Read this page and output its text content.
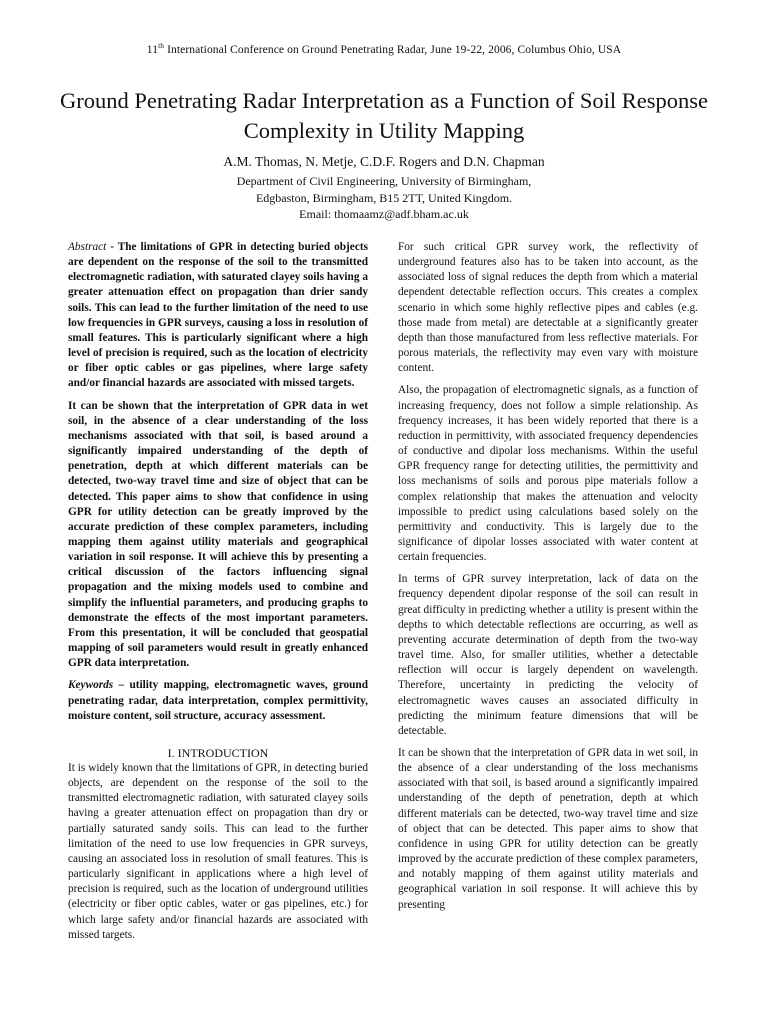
11th International Conference on Ground Penetrating Radar, June 19-22, 2006, Columbus Ohio, USA
Ground Penetrating Radar Interpretation as a Function of Soil Response Complexity in Utility Mapping
A.M. Thomas, N. Metje, C.D.F. Rogers and D.N. Chapman
Department of Civil Engineering, University of Birmingham,
Edgbaston, Birmingham, B15 2TT, United Kingdom.
Email: thomaamz@adf.bham.ac.uk

Abstract - The limitations of GPR in detecting buried objects are dependent on the response of the soil to the transmitted electromagnetic radiation, with saturated clayey soils having a greater attenuation effect on propagation than drier sandy soils. This can lead to the further limitation of the need to use low frequencies in GPR surveys, causing a loss in resolution of small features. This is particularly significant where a high level of precision is required, such as the location of electricity or fiber optic cables or gas pipelines, where large safety and/or financial hazards are associated with missed targets.

It can be shown that the interpretation of GPR data in wet soil, in the absence of a clear understanding of the loss mechanisms associated with that soil, is based around a significantly impaired understanding of the depth of penetration, depth at which different materials can be detected, two-way travel time and size of object that can be detected. This paper aims to show that confidence in using GPR for utility detection can be greatly improved by the accurate prediction of these complex parameters, including mapping them against utility materials and geographical variation in soil response. It will achieve this by presenting a critical discussion of the factors influencing signal propagation and the mixing models used to combine and simplify the influential parameters, and producing graphs to demonstrate the effects of the most important parameters. From this presentation, it will be concluded that geospatial mapping of soil parameters would result in greatly enhanced GPR data interpretation.

Keywords – utility mapping, electromagnetic waves, ground penetrating radar, data interpretation, complex permittivity, moisture content, soil structure, accuracy assessment.

I. INTRODUCTION

It is widely known that the limitations of GPR, in detecting buried objects, are dependent on the response of the soil to the transmitted electromagnetic radiation, with saturated clayey soils having a greater attenuation effect on propagation than dry or partially saturated sandy soils. This can lead to the further limitation of the need to use low frequencies in GPR surveys, causing an associated loss in resolution of small features. This is particularly significant in applications where a high level of precision is required, such as the location of underground utilities (electricity or fiber optic cables, water or gas pipelines, etc.) for which large safety and/or financial hazards are associated with missed targets.

For such critical GPR survey work, the reflectivity of underground features also has to be taken into account, as the associated loss of signal reduces the depth from which a material dependent detectable reflection occurs. This creates a complex scenario in which some highly reflective pipes and cables (e.g. those made from metal) are detectable at a significantly greater depth than those manufactured from less reflective materials. For porous materials, the reflectivity may even vary with moisture content.

Also, the propagation of electromagnetic signals, as a function of increasing frequency, does not follow a simple relationship. As frequency increases, it has been widely reported that there is a reduction in permittivity, with associated frequency dependencies of conductive and dipolar loss mechanisms. Within the useful GPR frequency range for detecting utilities, the permittivity and loss mechanisms of soils and porous pipe materials follow a complex relationship that makes the attenuation and velocity impossible to predict using calculations based solely on the permittivity and conductivity. This is largely due to the significance of dipolar losses associated with water content at certain frequencies.

In terms of GPR survey interpretation, lack of data on the frequency dependent dipolar response of the soil can result in great difficulty in predicting whether a utility is present within the depths to which detectable reflections are occurring, as well as preventing accurate determination of depth from the two-way travel time. Also, for smaller utilities, whether a detectable reflection will occur is largely dependent on wavelength. Therefore, uncertainty in predicting the velocity of electromagnetic waves causes an associated difficulty in predicting the minimum feature dimensions that will be detectable.

It can be shown that the interpretation of GPR data in wet soil, in the absence of a clear understanding of the loss mechanisms associated with that soil, is based around a significantly impaired understanding of the depth of penetration, depth at which different materials can be detected, two-way travel time and size of object that can be detected. This paper aims to show that confidence in using GPR for utility detection can be greatly improved by the accurate prediction of these complex parameters, and notably mapping of them against utility materials and geographical variation in soil response. It will achieve this by presenting
